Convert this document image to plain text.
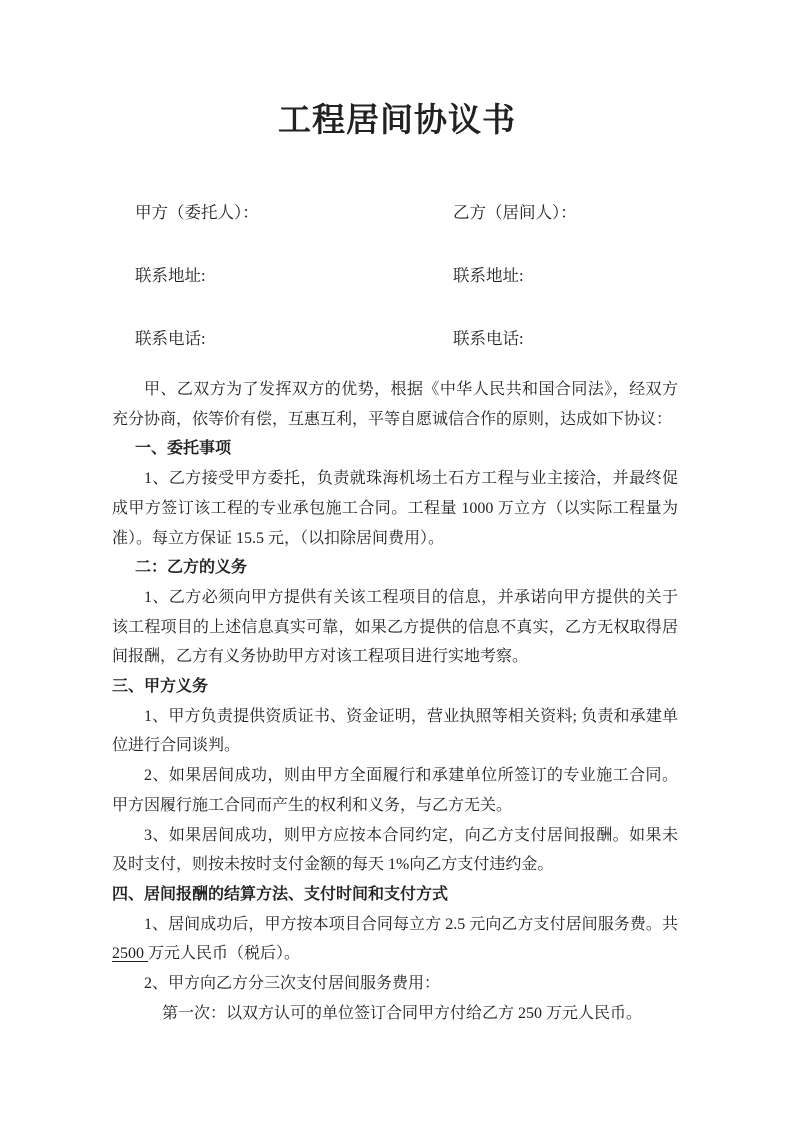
工程居间协议书
甲方（委托人）：	乙方（居间人）：
联系地址:	联系地址:
联系电话:	联系电话:

甲、乙双方为了发挥双方的优势，根据《中华人民共和国合同法》，经双方充分协商，依等价有偿，互惠互利，平等自愿诚信合作的原则，达成如下协议：

一、委托事项

1、乙方接受甲方委托，负责就珠海机场土石方工程与业主接洽，并最终促成甲方签订该工程的专业承包施工合同。工程量 1000 万立方（以实际工程量为准）。每立方保证 15.5 元，（以扣除居间费用）。

二：乙方的义务

1、乙方必须向甲方提供有关该工程项目的信息，并承诺向甲方提供的关于该工程项目的上述信息真实可靠，如果乙方提供的信息不真实，乙方无权取得居间报酬，乙方有义务协助甲方对该工程项目进行实地考察。

三、甲方义务

1、甲方负责提供资质证书、资金证明，营业执照等相关资料; 负责和承建单位进行合同谈判。

2、如果居间成功，则由甲方全面履行和承建单位所签订的专业施工合同。甲方因履行施工合同而产生的权利和义务，与乙方无关。

3、如果居间成功，则甲方应按本合同约定，向乙方支付居间报酬。如果未及时支付，则按未按时支付金额的每天 1%向乙方支付违约金。

四、居间报酬的结算方法、支付时间和支付方式

1、居间成功后，甲方按本项目合同每立方 2.5 元向乙方支付居间服务费。共 2500 万元人民币（税后）。

2、甲方向乙方分三次支付居间服务费用：

第一次：以双方认可的单位签订合同甲方付给乙方 250 万元人民币。
